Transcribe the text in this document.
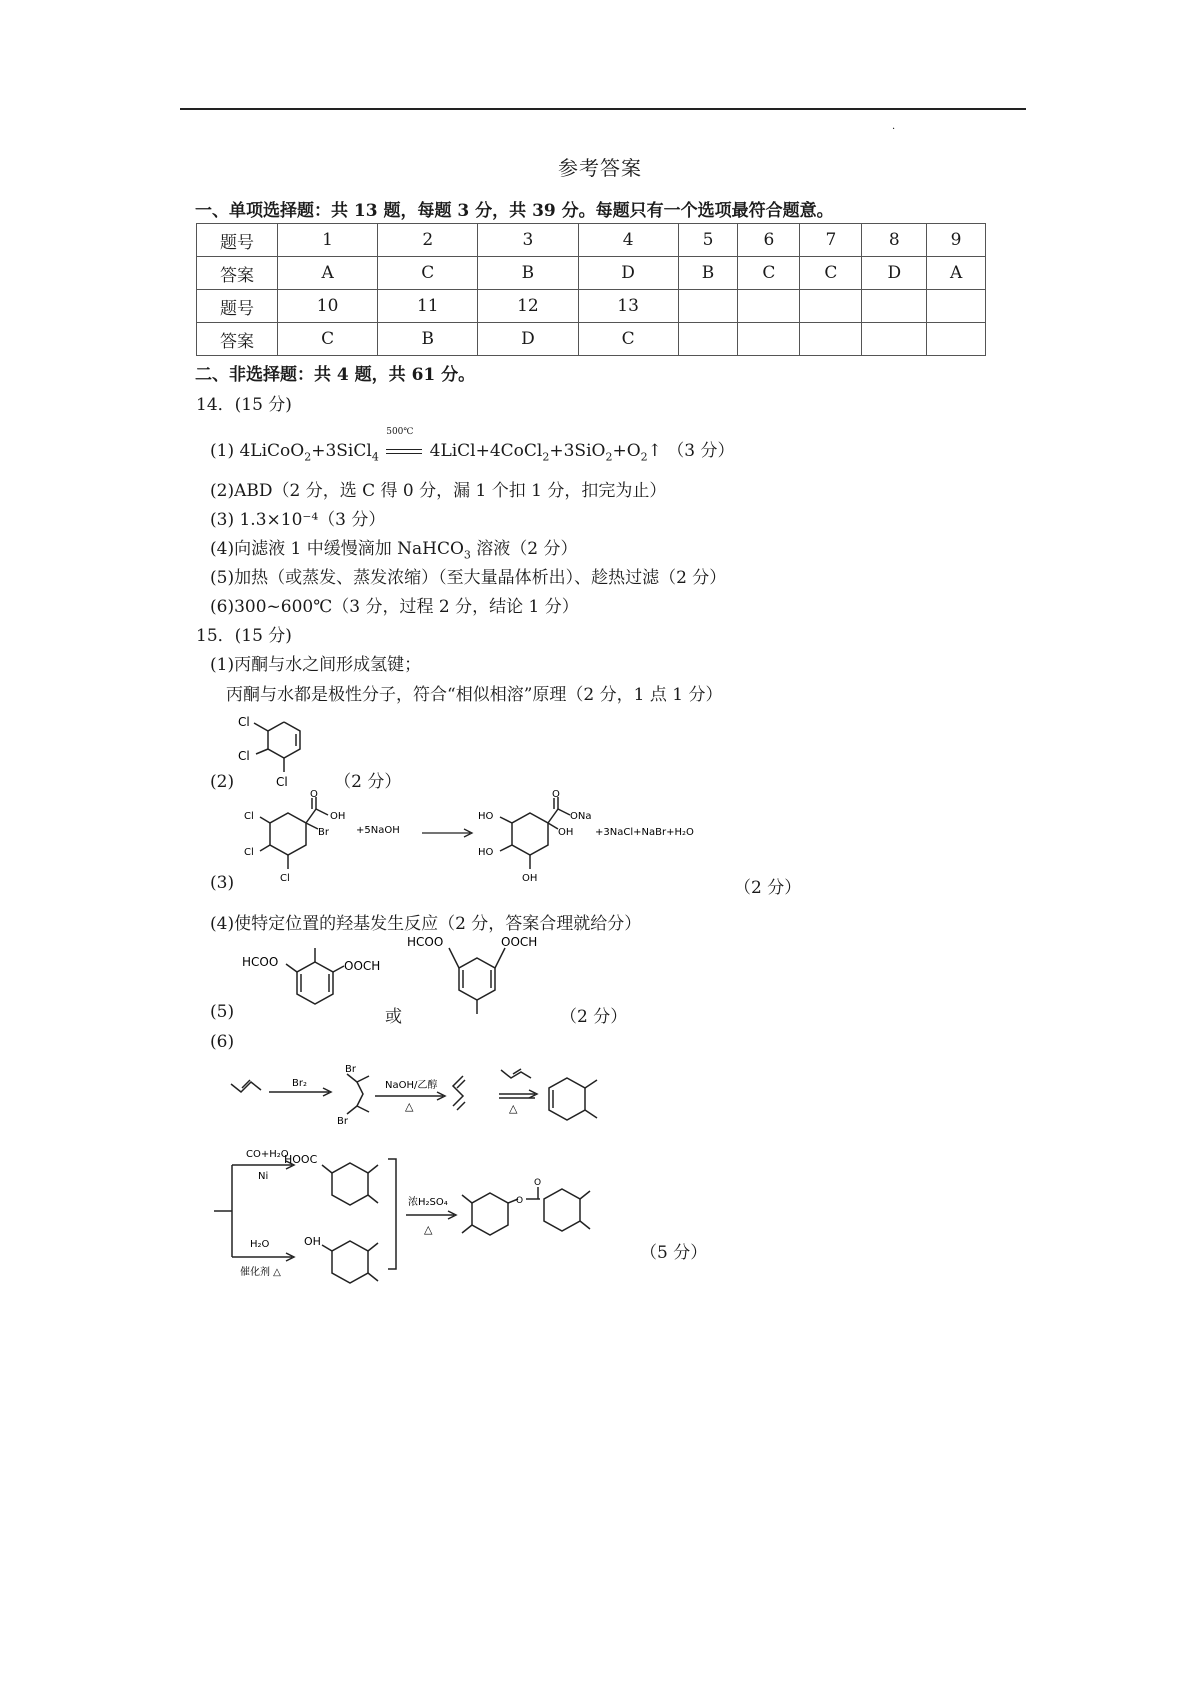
·
参考答案
一、单项选择题：共 13 题，每题 3 分，共 39 分。每题只有一个选项最符合题意。
题号	1	2	3	4	5	6	7	8	9
答案	A	C	B	D	B	C	C	D	A
题号	10	11	12	13					
答案	C	B	D	C					
二、非选择题：共 4 题，共 61 分。
14．(15 分)
(1) 4LiCoO$_2$+3SiCl$_4$
500℃
$4LiCl+4CoCl_2+3SiO_2+O_2↑$ （3 分）
(2)ABD（2 分，选 C 得 0 分，漏 1 个扣 1 分，扣完为止）
(3) 1.3×10⁻⁴（3 分）
(4)向滤液 1 中缓慢滴加 NaHCO$_3$ 溶液（2 分）
(5)加热（或蒸发、蒸发浓缩）（至大量晶体析出）、趁热过滤（2 分）
(6)300~600℃（3 分，过程 2 分，结论 1 分）
15．(15 分)
(1)丙酮与水之间形成氢键；
丙酮与水都是极性分子，符合“相似相溶”原理（2 分，1 点 1 分）
Cl
Cl
Cl
(2)	（2 分）
O
OH
Br
Cl
Cl
Cl
+5NaOH →
O
ONa
OH
HO
HO
OH
+3NaCl+NaBr+H₂O
(3)	（2 分）
(4)使特定位置的羟基发生反应（2 分，答案合理就给分）
HCOO	OOCH
HCOO	OOCH
(5)	或	（2 分）
(6)
Br₂
Br
Br
NaOH/乙醇
△	△
CO+H₂O
Ni
H₂O
催化剂 △
HOOC
OH
浓H₂SO₄
△
O
O
（5 分）
